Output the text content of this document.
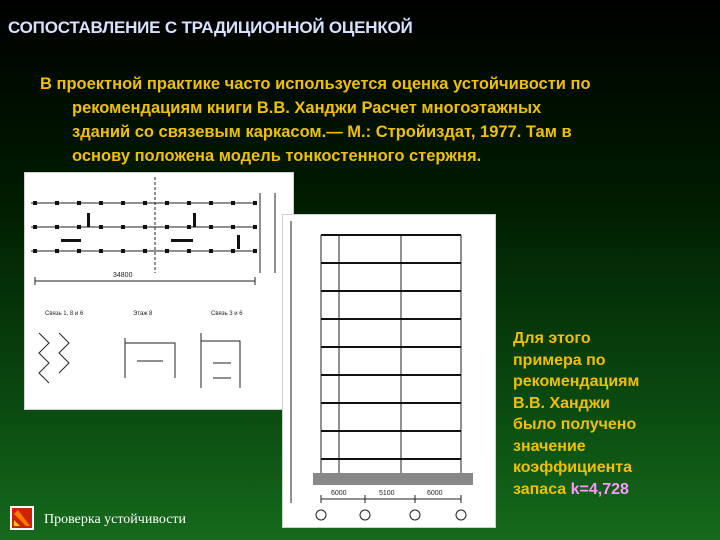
СОПОСТАВЛЕНИЕ С ТРАДИЦИОННОЙ ОЦЕНКОЙ
В проектной практике часто используется оценка устойчивости по
рекомендациям книги В.В. Ханджи Расчет многоэтажных
зданий со связевым каркасом.— М.: Стройиздат, 1977. Там в
основу положена модель тонкостенного стержня.
34800
Связь 1, 8 и 6	Этаж 8	Связь 3 и 6
6000	5100	6000
Для этого
примера по
рекомендациям
В.В. Ханджи
было получено
значение
коэффициента
запаса k=4,728
Проверка устойчивости
